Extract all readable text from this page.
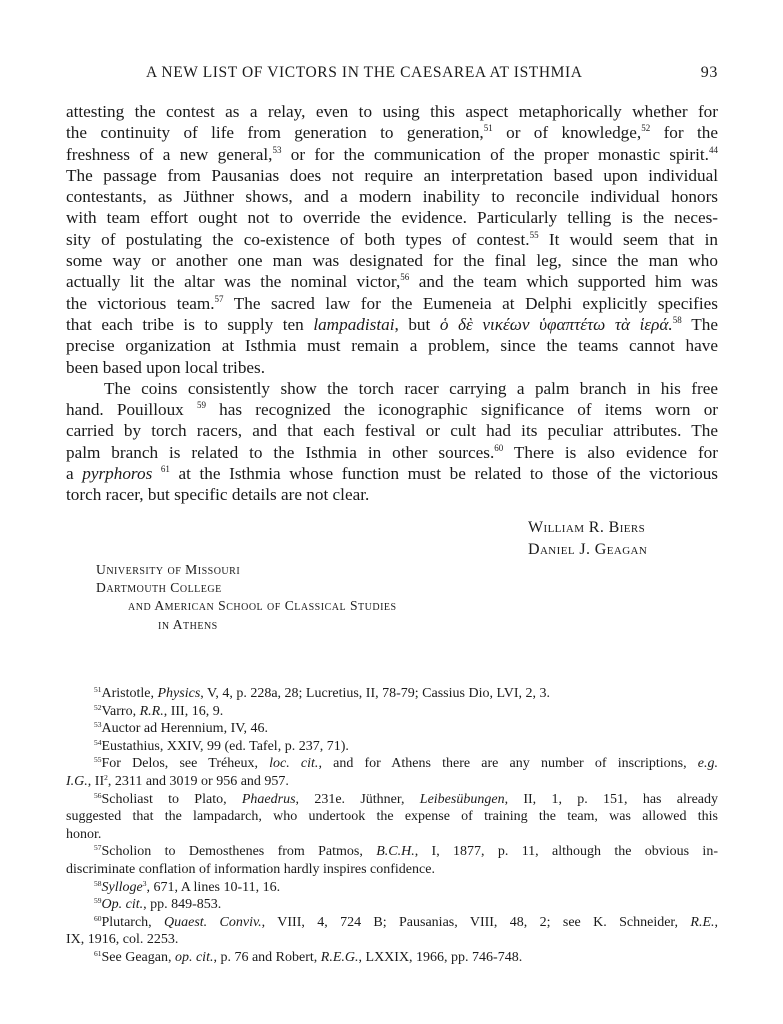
A NEW LIST OF VICTORS IN THE CAESAREA AT ISTHMIA	93

attesting the contest as a relay, even to using this aspect metaphorically whether for
the continuity of life from generation to generation,$^{51}$ or of knowledge,$^{52}$ for the
freshness of a new general,$^{53}$ or for the communication of the proper monastic spirit.$^{44}$
The passage from Pausanias does not require an interpretation based upon individual
contestants, as Jüthner shows, and a modern inability to reconcile individual honors
with team effort ought not to override the evidence. Particularly telling is the neces-
sity of postulating the co-existence of both types of contest.$^{55}$ It would seem that in
some way or another one man was designated for the final leg, since the man who
actually lit the altar was the nominal victor,$^{56}$ and the team which supported him was
the victorious team.$^{57}$ The sacred law for the Eumeneia at Delphi explicitly specifies
that each tribe is to supply ten lampadistai, but ὁ δὲ νικέων ὑφαπτέτω τὰ ἱερά.$^{58}$ The
precise organization at Isthmia must remain a problem, since the teams cannot have
been based upon local tribes.

The coins consistently show the torch racer carrying a palm branch in his free
hand. Pouilloux $^{59}$ has recognized the iconographic significance of items worn or
carried by torch racers, and that each festival or cult had its peculiar attributes. The
palm branch is related to the Isthmia in other sources.$^{60}$ There is also evidence for
a pyrphoros $^{61}$ at the Isthmia whose function must be related to those of the victorious
torch racer, but specific details are not clear.

William R. Biers
Daniel J. Geagan
University of Missouri
Dartmouth College
and American School of Classical Studies
in Athens
$^{51}$Aristotle, Physics, V, 4, p. 228a, 28; Lucretius, II, 78-79; Cassius Dio, LVI, 2, 3.
$^{52}$Varro, R.R., III, 16, 9.
$^{53}$Auctor ad Herennium, IV, 46.
$^{54}$Eustathius, XXIV, 99 (ed. Tafel, p. 237, 71).
$^{55}$For Delos, see Tréheux, loc. cit., and for Athens there are any number of inscriptions, e.g.
I.G., $II^2$, 2311 and 3019 or 956 and 957.
$^{56}$Scholiast to Plato, Phaedrus, 231e. Jüthner, Leibesübungen, II, 1, p. 151, has already
suggested that the lampadarch, who undertook the expense of training the team, was allowed this
honor.
$^{57}$Scholion to Demosthenes from Patmos, B.C.H., I, 1877, p. 11, although the obvious in-
discriminate conflation of information hardly inspires confidence.
$^{58}$Sylloge$^3$, 671, A lines 10-11, 16.
$^{59}$Op. cit., pp. 849-853.
$^{60}$Plutarch, Quaest. Conviv., VIII, 4, 724 B; Pausanias, VIII, 48, 2; see K. Schneider, R.E.,
IX, 1916, col. 2253.
$^{61}$See Geagan, op. cit., p. 76 and Robert, R.E.G., LXXIX, 1966, pp. 746-748.
